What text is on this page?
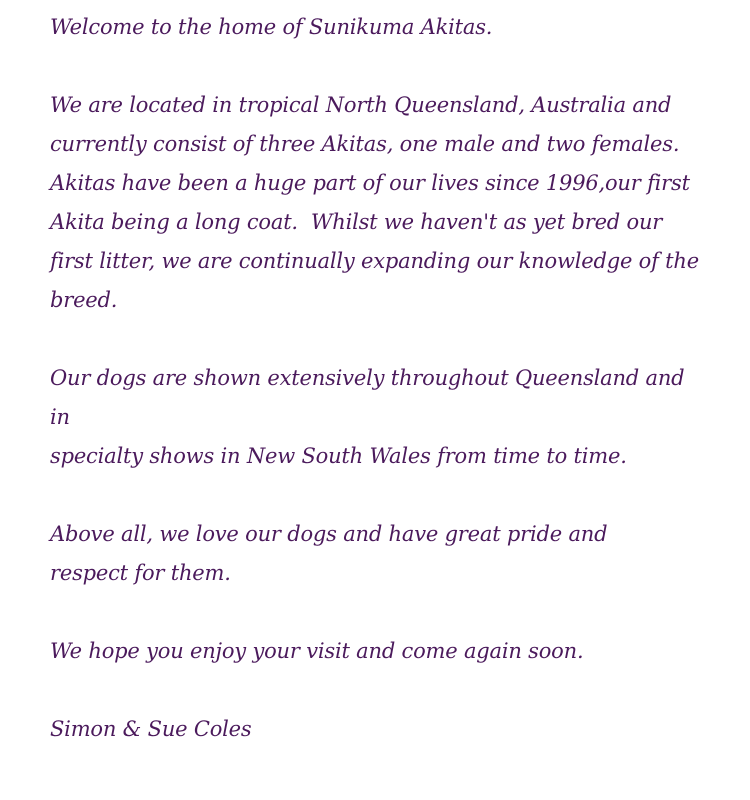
Welcome to the home of Sunikuma Akitas.
We are located in tropical North Queensland, Australia and
currently consist of three Akitas, one male and two females.
Akitas have been a huge part of our lives since 1996,our first
Akita being a long coat.  Whilst we haven't as yet bred our
first litter, we are continually expanding our knowledge of the
breed.
Our dogs are shown extensively throughout Queensland and in
specialty shows in New South Wales from time to time.
Above all, we love our dogs and have great pride and
respect for them.
We hope you enjoy your visit and come again soon.
Simon & Sue Coles
